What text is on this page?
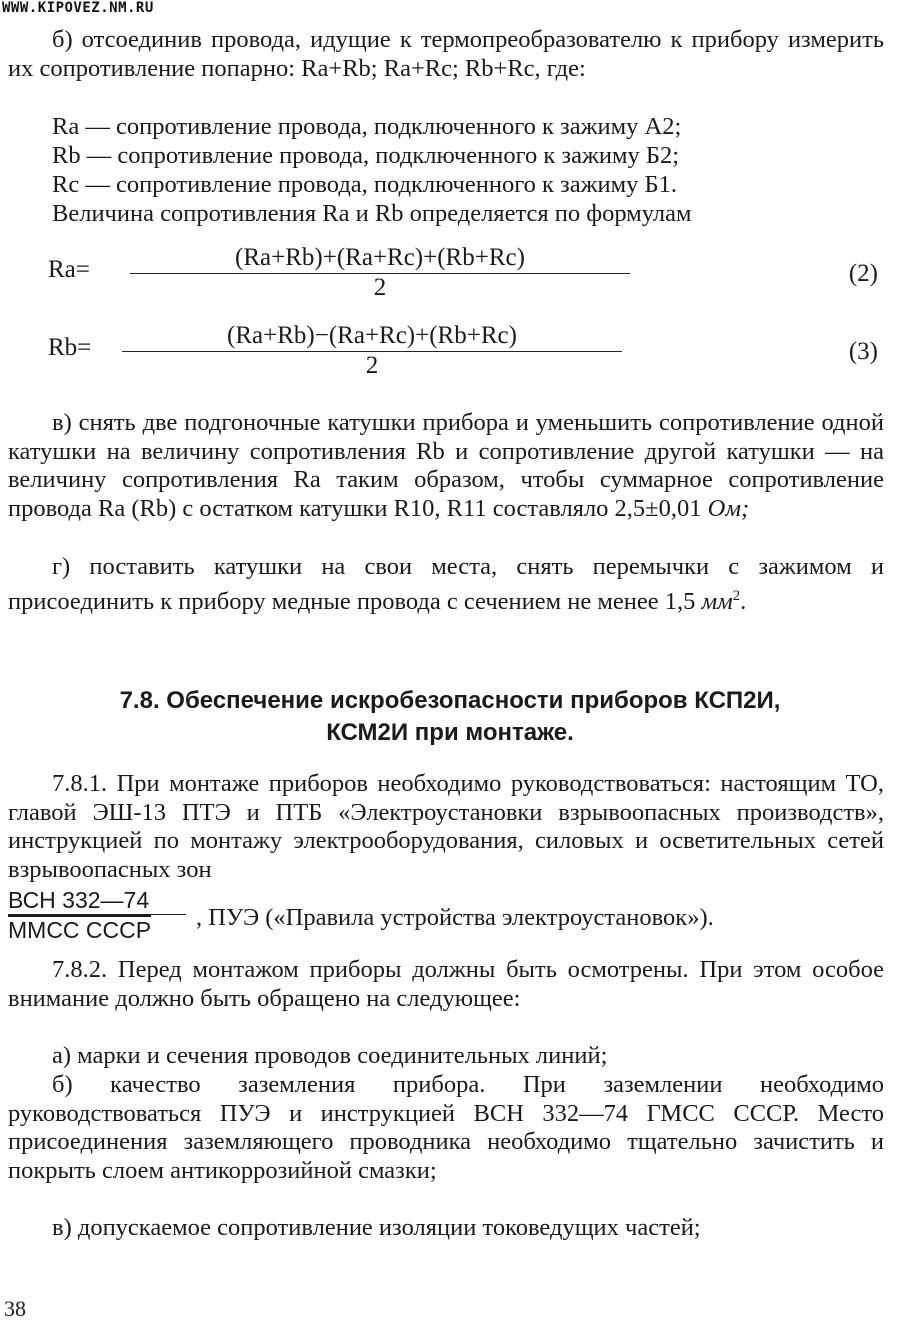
WWW.KIPOVEZ.NM.RU
б) отсоединив провода, идущие к термопреобразователю к прибору измерить их сопротивление попарно: Ra+Rb; Ra+Rc; Rb+Rc, где:
Ra — сопротивление провода, подключенного к зажиму А2;
Rb — сопротивление провода, подключенного к зажиму Б2;
Rc — сопротивление провода, подключенного к зажиму Б1.
Величина сопротивления Ra и Rb определяется по формулам
$Ra= \frac{(Ra+Rb)+(Ra+Rc)+(Rb+Rc)}{2}$	(2)
$Rb= \frac{(Ra+Rb)-(Ra+Rc)+(Rb+Rc)}{2}$	(3)
в) снять две подгоночные катушки прибора и уменьшить сопротивление одной катушки на величину сопротивления Rb и сопротивление другой катушки — на величину сопротивления Ra таким образом, чтобы суммарное сопротивление провода Ra (Rb) с остатком катушки R10, R11 составляло 2,5±0,01 Ом;
г) поставить катушки на свои места, снять перемычки с зажимом и присоединить к прибору медные провода с сечением не менее 1,5 $мм^2$.
7.8. Обеспечение искробезопасности приборов КСП2И,
КСМ2И при монтаже.
7.8.1. При монтаже приборов необходимо руководствоваться: настоящим ТО, главой ЭШ-13 ПТЭ и ПТБ «Электроустановки взрывоопасных производств», инструкцией по монтажу электрооборудования, силовых и осветительных сетей взрывоопасных зон
ВСН 332—74
ММСС СССР	, ПУЭ («Правила устройства электроустановок»).
7.8.2. Перед монтажом приборы должны быть осмотрены. При этом особое внимание должно быть обращено на следующее:
а) марки и сечения проводов соединительных линий;
б) качество заземления прибора. При заземлении необходимо руководствоваться ПУЭ и инструкцией ВСН 332—74 ГМСС СССР. Место присоединения заземляющего проводника необходимо тщательно зачистить и покрыть слоем антикоррозийной смазки;
в) допускаемое сопротивление изоляции токоведущих частей;
38
